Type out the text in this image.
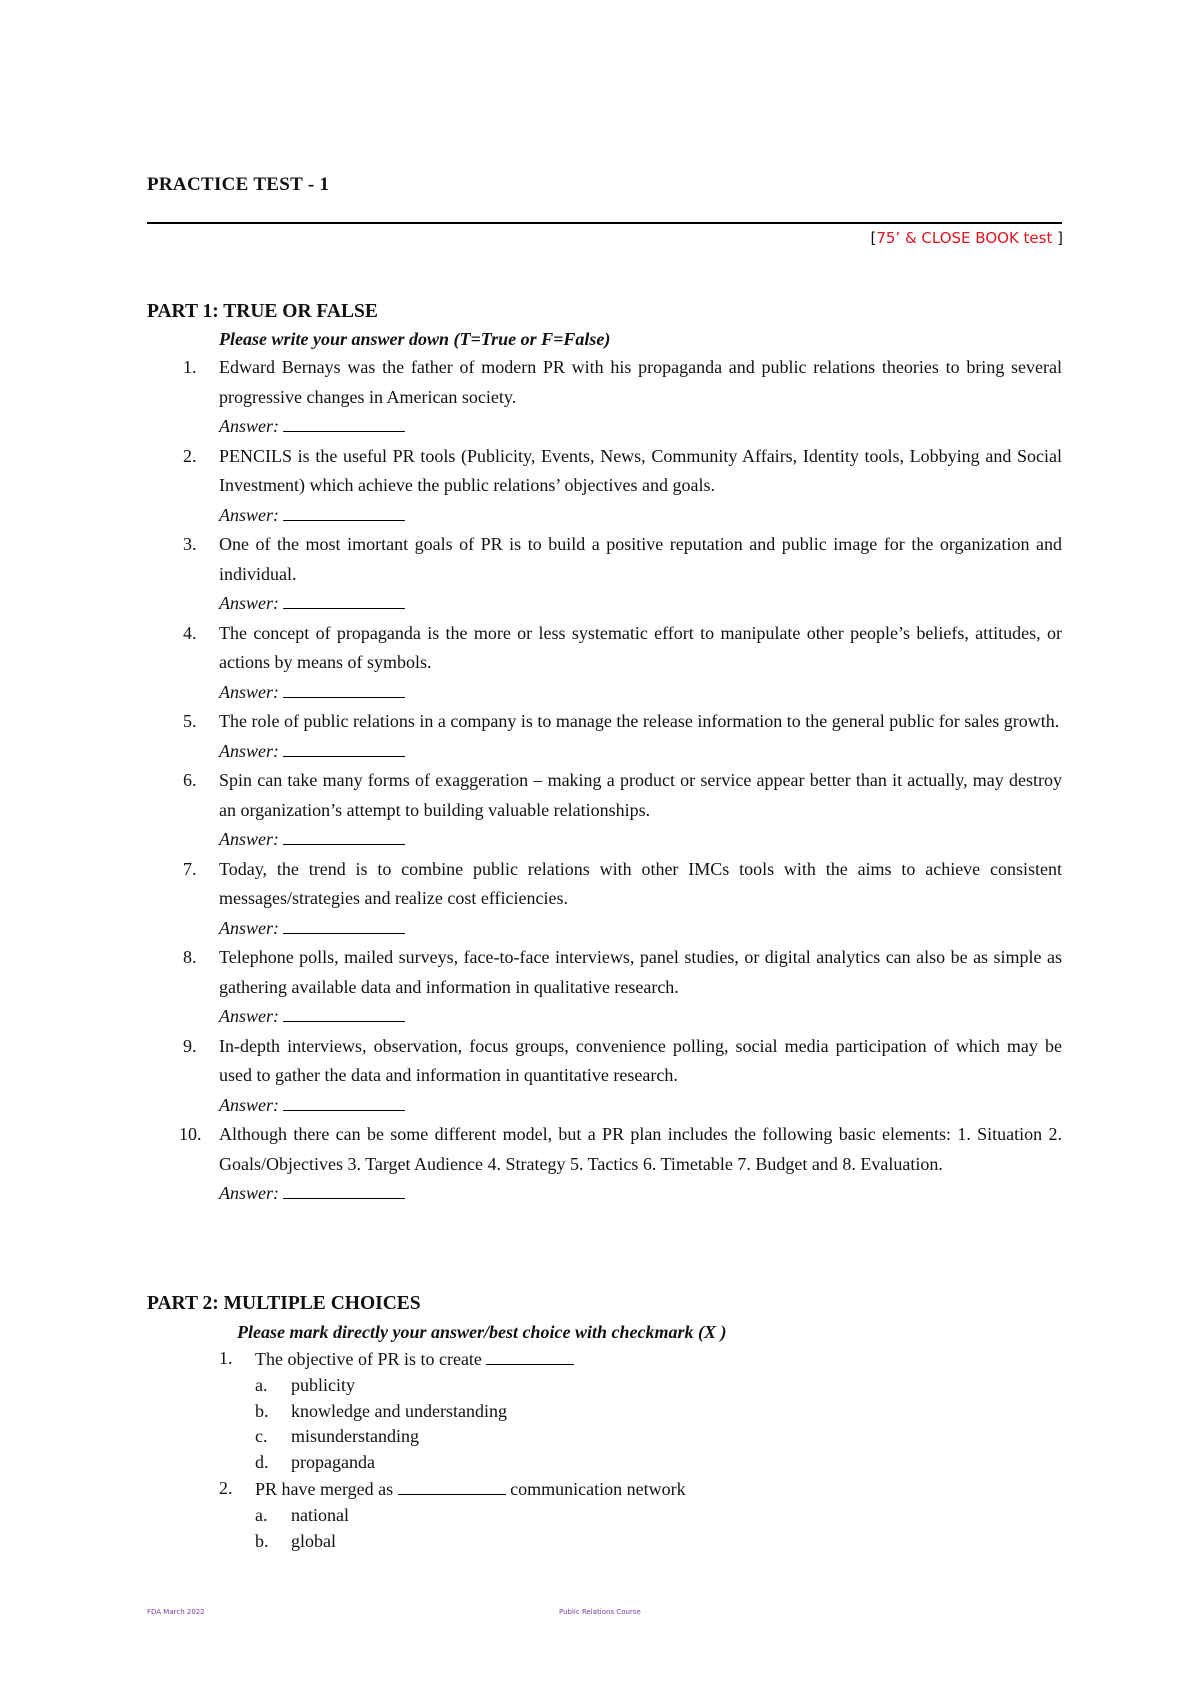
PRACTICE TEST - 1
[75’ & CLOSE BOOK test ]
PART 1: TRUE OR FALSE
Please write your answer down (T=True or F=False)
1.	Edward Bernays was the father of modern PR with his propaganda and public relations theories to bring several progressive changes in American society.
Answer:
2.	PENCILS is the useful PR tools (Publicity, Events, News, Community Affairs, Identity tools, Lobbying and Social Investment) which achieve the public relations’ objectives and goals.
Answer:
3.	One of the most imortant goals of PR is to build a positive reputation and public image for the organization and individual.
Answer:
4.	The concept of propaganda is the more or less systematic effort to manipulate other people’s beliefs, attitudes, or actions by means of symbols.
Answer:
5.	The role of public relations in a company is to manage the release information to the general public for sales growth.
Answer:
6.	Spin can take many forms of exaggeration – making a product or service appear better than it actually, may destroy an organization’s attempt to building valuable relationships.
Answer:
7.	Today, the trend is to combine public relations with other IMCs tools with the aims to achieve consistent messages/strategies and realize cost efficiencies.
Answer:
8.	Telephone polls, mailed surveys, face-to-face interviews, panel studies, or digital analytics can also be as simple as gathering available data and information in qualitative research.
Answer:
9.	In-depth interviews, observation, focus groups, convenience polling, social media participation of which may be used to gather the data and information in quantitative research.
Answer:
10. Although there can be some different model, but a PR plan includes the following basic elements: 1. Situation 2. Goals/Objectives 3. Target Audience 4. Strategy 5. Tactics 6. Timetable 7. Budget and 8. Evaluation.
Answer:
PART 2: MULTIPLE CHOICES
Please mark directly your answer/best choice with checkmark (X )
1. The objective of PR is to create
a. publicity
b. knowledge and understanding
c. misunderstanding
d. propaganda
2. PR have merged as	communication network
a. national
b. global
FDA March 2022	Public Relations Course
